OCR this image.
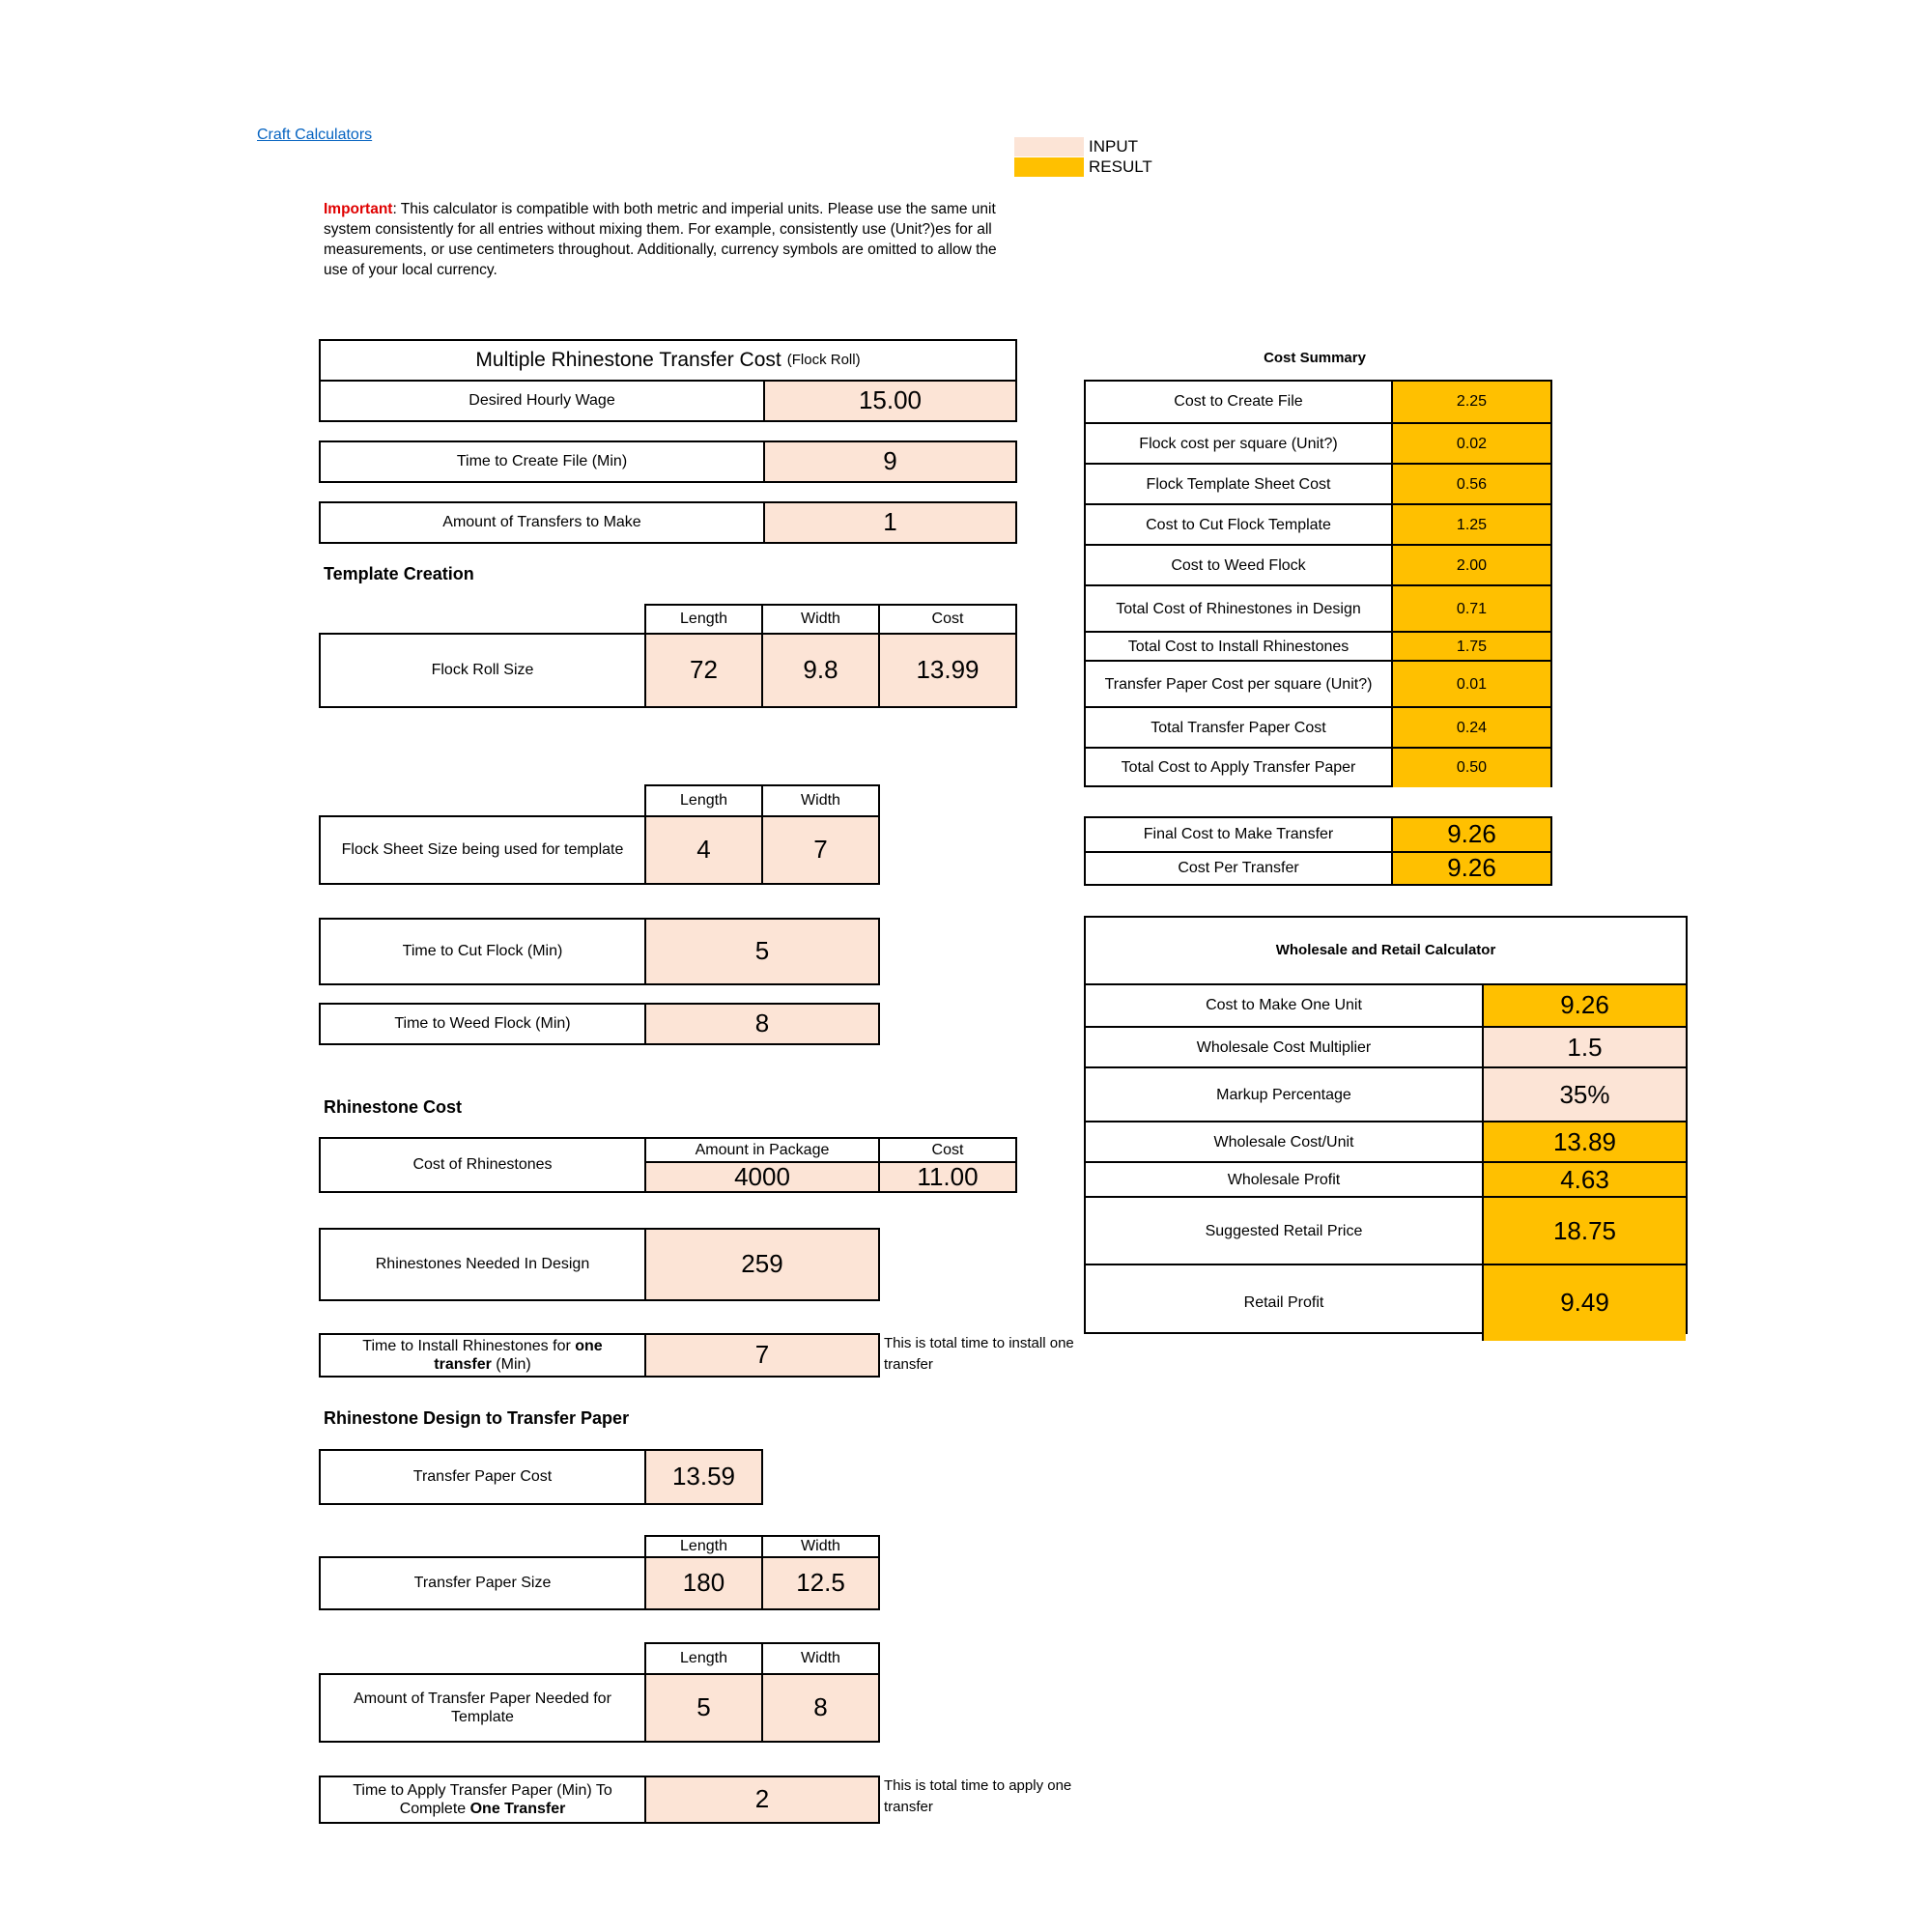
Craft Calculators
INPUT
RESULT
Important: This calculator is compatible with both metric and imperial units. Please use the same unit system consistently for all entries without mixing them. For example, consistently use (Unit?)es for all measurements, or use centimeters throughout. Additionally, currency symbols are omitted to allow the use of your local currency.
Multiple Rhinestone Transfer Cost (Flock Roll)
Desired Hourly Wage	15.00
Time to Create File (Min)	9
Amount of Transfers to Make	1
Template Creation
Length	Width	Cost
Flock Roll Size	72	9.8	13.99
Length	Width
Flock Sheet Size being used for template	4	7
Time to Cut Flock (Min)	5
Time to Weed Flock (Min)	8
Rhinestone Cost
Cost of Rhinestones
Amount in Package	Cost
4000	11.00
Rhinestones Needed In Design	259
Time to Install Rhinestones for one transfer (Min)	7	This is total time to install one transfer
Rhinestone Design to Transfer Paper
Transfer Paper Cost	13.59
Length	Width
Transfer Paper Size	180	12.5
Length	Width
Amount of Transfer Paper Needed for Template	5	8
Time to Apply Transfer Paper (Min) To Complete One Transfer	2	This is total time to apply one transfer
Cost Summary
Cost to Create File	2.25
Flock cost per square (Unit?)	0.02
Flock Template Sheet Cost	0.56
Cost to Cut Flock Template	1.25
Cost to Weed Flock	2.00
Total Cost of Rhinestones in Design	0.71
Total Cost to Install Rhinestones	1.75
Transfer Paper Cost per square (Unit?)	0.01
Total Transfer Paper Cost	0.24
Total Cost to Apply Transfer Paper	0.50
Final Cost to Make Transfer	9.26
Cost Per Transfer	9.26
Wholesale and Retail Calculator
Cost to Make One Unit	9.26
Wholesale Cost Multiplier	1.5
Markup Percentage	35%
Wholesale Cost/Unit	13.89
Wholesale Profit	4.63
Suggested Retail Price	18.75
Retail Profit	9.49
